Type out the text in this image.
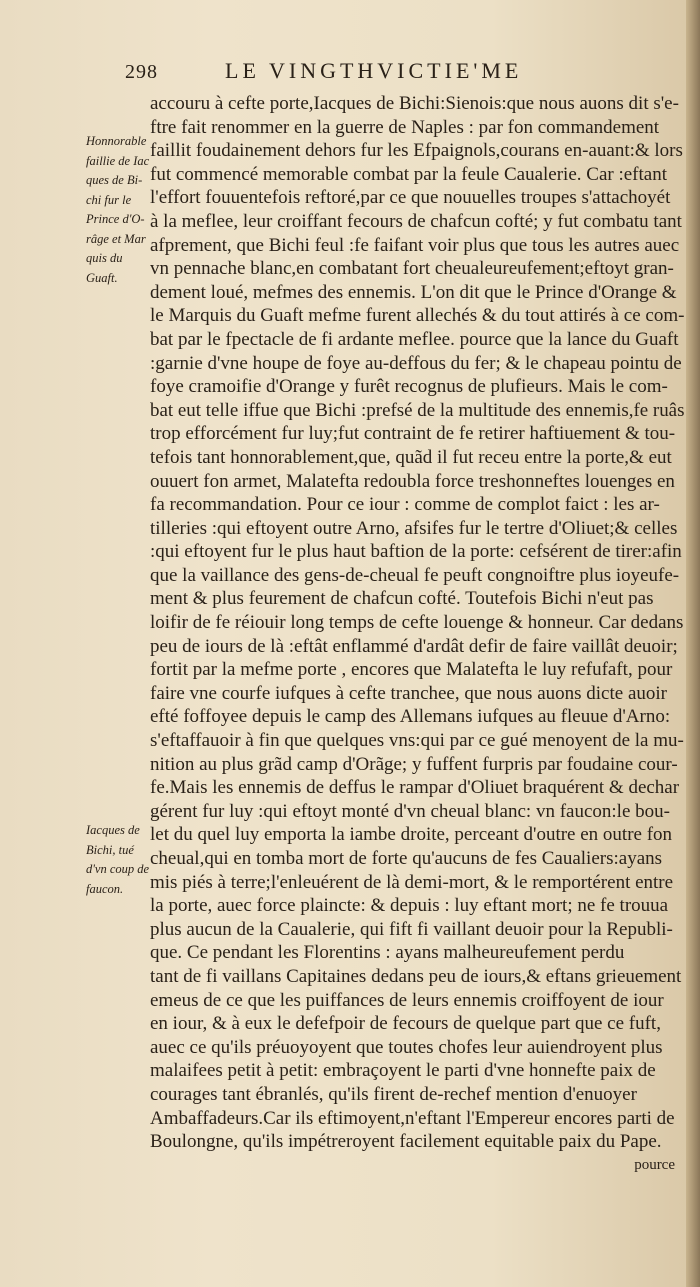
298	LE VINGTHVICTIE'ME
Honnorable
faillie de Iac
ques de Bi-
chi fur le
Prince d'O-
râge et Mar
quis du
Guaft.
Iacques de
Bichi, tué
d'vn coup de
faucon.
accouru à cefte porte,Iacques de Bichi:Sienois:que nous auons dit s'e-
ftre fait renommer en la guerre de Naples : par fon commandement
faillit foudainement dehors fur les Efpaignols,courans en-auant:& lors
fut commencé memorable combat par la feule Caualerie. Car :eftant
l'effort fouuentefois reftoré,par ce que nouuelles troupes s'attachoyét
à la meflee, leur croiffant fecours de chafcun cofté; y fut combatu tant
afprement, que Bichi feul :fe faifant voir plus que tous les autres auec
vn pennache blanc,en combatant fort cheualeureufement;eftoyt gran-
dement loué, mefmes des ennemis. L'on dit que le Prince d'Orange &
le Marquis du Guaft mefme furent allechés & du tout attirés à ce com-
bat par le fpectacle de fi ardante meflee. pource que la lance du Guaft
:garnie d'vne houpe de foye au-deffous du fer; & le chapeau pointu de
foye cramoifie d'Orange y furêt recognus de plufieurs. Mais le com-
bat eut telle iffue que Bichi :prefsé de la multitude des ennemis,fe ruâs
trop efforcément fur luy;fut contraint de fe retirer haftiuement & tou-
tefois tant honnorablement,que, quãd il fut receu entre la porte,& eut
ouuert fon armet, Malatefta redoubla force treshonneftes louenges en
fa recommandation. Pour ce iour : comme de complot faict : les ar-
tilleries :qui eftoyent outre Arno, afsifes fur le tertre d'Oliuet;& celles
:qui eftoyent fur le plus haut baftion de la porte: cefsérent de tirer:afin
que la vaillance des gens-de-cheual fe peuft congnoiftre plus ioyeufe-
ment & plus feurement de chafcun cofté. Toutefois Bichi n'eut pas
loifir de fe réiouir long temps de cefte louenge & honneur. Car dedans
peu de iours de là :eftât enflammé d'ardât defir de faire vaillât deuoir;
fortit par la mefme porte , encores que Malatefta le luy refufaft, pour
faire vne courfe iufques à cefte tranchee, que nous auons dicte auoir
efté foffoyee depuis le camp des Allemans iufques au fleuue d'Arno:
s'eftaffauoir à fin que quelques vns:qui par ce gué menoyent de la mu-
nition au plus grãd camp d'Orãge; y fuffent furpris par foudaine cour-
fe.Mais les ennemis de deffus le rampar d'Oliuet braquérent & dechar
gérent fur luy :qui eftoyt monté d'vn cheual blanc: vn faucon:le bou-
let du quel luy emporta la iambe droite, perceant d'outre en outre fon
cheual,qui en tomba mort de forte qu'aucuns de fes Caualiers:ayans
mis piés à terre;l'enleuérent de là demi-mort, & le remportérent entre
la porte, auec force plaincte: & depuis : luy eftant mort; ne fe trouua
plus aucun de la Caualerie, qui fift fi vaillant deuoir pour la Republi-
que. Ce pendant les Florentins : ayans malheureufement perdu
tant de fi vaillans Capitaines dedans peu de iours,& eftans grieuement
emeus de ce que les puiffances de leurs ennemis croiffoyent de iour
en iour, & à eux le defefpoir de fecours de quelque part que ce fuft,
auec ce qu'ils préuoyoyent que toutes chofes leur auiendroyent plus
malaifees petit à petit: embraçoyent le parti d'vne honnefte paix de
courages tant ébranlés, qu'ils firent de-rechef mention d'enuoyer
Ambaffadeurs.Car ils eftimoyent,n'eftant l'Empereur encores parti de
Boulongne, qu'ils impétreroyent facilement equitable paix du Pape.
pource
